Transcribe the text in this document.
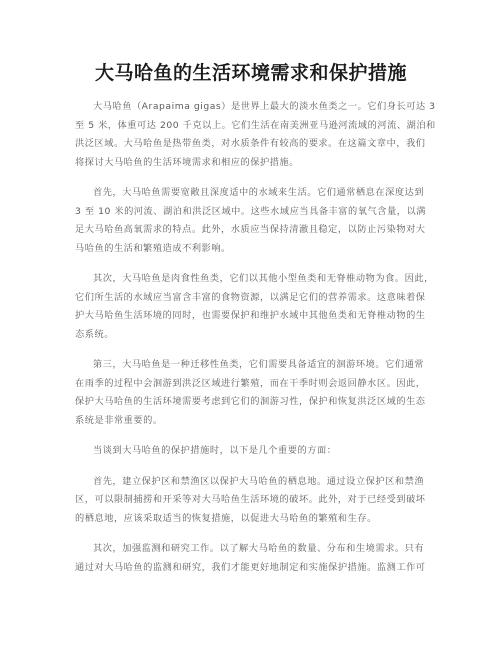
大马哈鱼的生活环境需求和保护措施
大马哈鱼（Arapaima gigas）是世界上最大的淡水鱼类之一。它们身长可达 3
至 5 米，体重可达 200 千克以上。它们生活在南美洲亚马逊河流域的河流、湖泊和
洪泛区域。大马哈鱼是热带鱼类，对水质条件有较高的要求。在这篇文章中，我们
将探讨大马哈鱼的生活环境需求和相应的保护措施。
首先，大马哈鱼需要宽敞且深度适中的水域来生活。它们通常栖息在深度达到
3 至 10 米的河流、湖泊和洪泛区域中。这些水域应当具备丰富的氧气含量，以满
足大马哈鱼高氧需求的特点。此外，水质应当保持清澈且稳定，以防止污染物对大
马哈鱼的生活和繁殖造成不利影响。
其次，大马哈鱼是肉食性鱼类，它们以其他小型鱼类和无脊椎动物为食。因此，
它们所生活的水域应当富含丰富的食物资源，以满足它们的营养需求。这意味着保
护大马哈鱼生活环境的同时，也需要保护和维护水域中其他鱼类和无脊椎动物的生
态系统。
第三，大马哈鱼是一种迁移性鱼类，它们需要具备适宜的洄游环境。它们通常
在雨季的过程中会洄游到洪泛区域进行繁殖，而在干季时则会返回静水区。因此，
保护大马哈鱼的生活环境需要考虑到它们的洄游习性，保护和恢复洪泛区域的生态
系统是非常重要的。
当谈到大马哈鱼的保护措施时，以下是几个重要的方面：
首先，建立保护区和禁渔区以保护大马哈鱼的栖息地。通过设立保护区和禁渔
区，可以限制捕捞和开采等对大马哈鱼生活环境的破坏。此外，对于已经受到破坏
的栖息地，应该采取适当的恢复措施，以促进大马哈鱼的繁殖和生存。
其次，加强监测和研究工作。以了解大马哈鱼的数量、分布和生境需求。只有
通过对大马哈鱼的监测和研究，我们才能更好地制定和实施保护措施。监测工作可
